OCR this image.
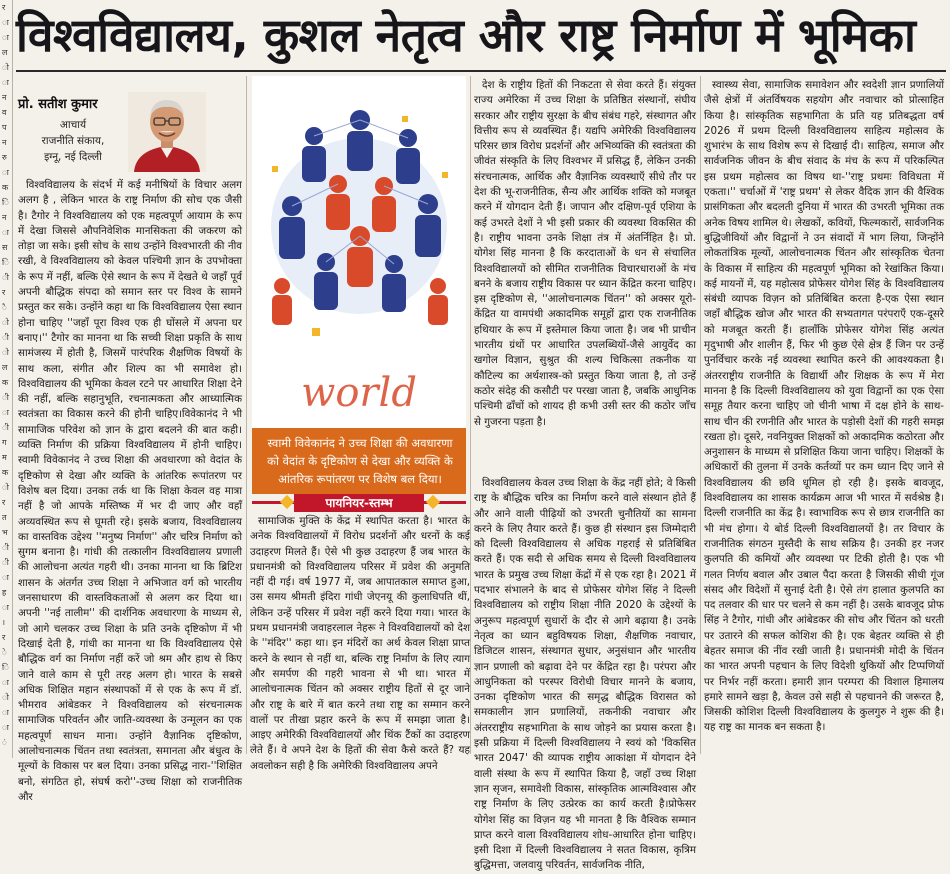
र
ा
ा
ल
ो
ा
न
व
प
न
रु
ा
क
ि
न
ा
स
ि
ी
र
ै
ो
ी
ो
ल
क
ी
ा
ी
ग
म
क
ो
र
त
भ
ी
ी
ा
ह
ा
।
र
े
ि
ा
ो
ा
ा
ं
विश्वविद्यालय, कुशल नेतृत्व और राष्ट्र निर्माण में भूमिका
प्रो. सतीश कुमार
आचार्य
राजनीति संकाय,
इग्नू, नई दिल्ली

विश्वविद्यालय के संदर्भ में कई मनीषियों के विचार अलग अलग है , लेकिन भारत के राष्ट्र निर्माण की सोच एक जैसी है। टैगोर ने विश्वविद्यालय को एक महत्वपूर्ण आयाम के रूप में देखा जिससे औपनिवेशिक मानसिकता की जकरण को तोड़ा जा सके। इसी सोच के साथ उन्होंने विश्वभारती की नीव रखी, वे विश्वविद्यालय को केवल पश्चिमी ज्ञान के उपभोक्ता के रूप में नहीं, बल्कि ऐसे स्थान के रूप में देखते थे जहाँ पूर्व अपनी बौद्धिक संपदा को समान स्तर पर विश्व के सामने प्रस्तुत कर सके। उन्होंने कहा था कि विश्वविद्यालय ऐसा स्थान होना चाहिए ''जहाँ पूरा विश्व एक ही घोंसले में अपना घर बनाए।'' टैगोर का मानना था कि सच्ची शिक्षा प्रकृति के साथ सामंजस्य में होती है, जिसमें पारंपरिक शैक्षणिक विषयों के साथ कला, संगीत और शिल्प का भी समावेश हो। विश्वविद्यालय की भूमिका केवल रटने पर आधारित शिक्षा देने की नहीं, बल्कि सहानुभूति, रचनात्मकता और आध्यात्मिक स्वतंत्रता का विकास करने की होनी चाहिए।विवेकानंद ने भी सामाजिक परिवेश को ज्ञान के द्वारा बदलने की बात कही। व्यक्ति निर्माण की प्रक्रिया विश्वविद्यालय में होनी चाहिए।स्वामी विवेकानंद ने उच्च शिक्षा की अवधारणा को वेदांत के दृष्टिकोण से देखा और व्यक्ति के आंतरिक रूपांतरण पर विशेष बल दिया। उनका तर्क था कि शिक्षा केवल वह मात्रा नहीं है जो आपके मस्तिष्क में भर दी जाए और वहाँ अव्यवस्थित रूप से घूमती रहे। इसके बजाय, विश्वविद्यालय का वास्तविक उद्देश्य ''मनुष्य निर्माण'' और चरित्र निर्माण को सुगम बनाना है। गांधी की तत्कालीन विश्वविद्यालय प्रणाली की आलोचना अत्यंत गहरी थी। उनका मानना था कि ब्रिटिश शासन के अंतर्गत उच्च शिक्षा ने अभिजात वर्ग को भारतीय जनसाधारण की वास्तविकताओं से अलग कर दिया था। अपनी ''नई तालीम'' की दार्शनिक अवधारणा के माध्यम से, जो आगे चलकर उच्च शिक्षा के प्रति उनके दृष्टिकोण में भी दिखाई देती है, गांधी का मानना था कि विश्वविद्यालय ऐसे बौद्धिक वर्ग का निर्माण नहीं करें जो श्रम और हाथ से किए जाने वाले काम से पूरी तरह अलग हो। भारत के सबसे अधिक शिक्षित महान संस्थापकों में से एक के रूप में डॉ. भीमराव आंबेडकर ने विश्वविद्यालय को संरचनात्मक सामाजिक परिवर्तन और जाति-व्यवस्था के उन्मूलन का एक महत्वपूर्ण साधन माना। उन्होंने वैज्ञानिक दृष्टिकोण, आलोचनात्मक चिंतन तथा स्वतंत्रता, समानता और बंधुत्व के मूल्यों के विकास पर बल दिया। उनका प्रसिद्ध नारा-''शिक्षित बनो, संगठित हो, संघर्ष करो''-उच्च शिक्षा को राजनीतिक और

world
स्वामी विवेकानंद ने उच्च शिक्षा की अवधारणा को वेदांत के दृष्टिकोण से देखा और व्यक्ति के आंतरिक रूपांतरण पर विशेष बल दिया।
पायनियर-स्तम्भ

सामाजिक मुक्ति के केंद्र में स्थापित करता है। भारत के अनेक विश्वविद्यालयों में विरोध प्रदर्शनों और धरनों के कई उदाहरण मिलते हैं। ऐसे भी कुछ उदाहरण हैं जब भारत के प्रधानमंत्री को विश्वविद्यालय परिसर में प्रवेश की अनुमति नहीं दी गई। वर्ष 1977 में, जब आपातकाल समाप्त हुआ, उस समय श्रीमती इंदिरा गांधी जेएनयू की कुलाधिपति थीं, लेकिन उन्हें परिसर में प्रवेश नहीं करने दिया गया। भारत के प्रथम प्रधानमंत्री जवाहरलाल नेहरू ने विश्वविद्यालयों को देश के ''मंदिर'' कहा था। इन मंदिरों का अर्थ केवल शिक्षा प्राप्त करने के स्थान से नहीं था, बल्कि राष्ट्र निर्माण के लिए त्याग और समर्पण की गहरी भावना से भी था। भारत में आलोचनात्मक चिंतन को अक्सर राष्ट्रीय हितों से दूर जाने और राष्ट्र के बारे में बात करने तथा राष्ट्र का सम्मान करने वालों पर तीखा प्रहार करने के रूप में समझा जाता है। आइए अमेरिकी विश्वविद्यालयों और थिंक टैंकों का उदाहरण लेते हैं। वे अपने देश के हितों की सेवा कैसे करते हैं? यह अवलोकन सही है कि अमेरिकी विश्वविद्यालय अपने

देश के राष्ट्रीय हितों की निकटता से सेवा करते हैं। संयुक्त राज्य अमेरिका में उच्च शिक्षा के प्रतिष्ठित संस्थानों, संघीय सरकार और राष्ट्रीय सुरक्षा के बीच संबंध गहरे, संस्थागत और वित्तीय रूप से व्यवस्थित हैं। यद्यपि अमेरिकी विश्वविद्यालय परिसर छात्र विरोध प्रदर्शनों और अभिव्यक्ति की स्वतंत्रता की जीवंत संस्कृति के लिए विश्वभर में प्रसिद्ध हैं, लेकिन उनकी संरचनात्मक, आर्थिक और वैज्ञानिक व्यवस्थाएँ सीधे तौर पर देश की भू-राजनीतिक, सैन्य और आर्थिक शक्ति को मजबूत करने में योगदान देती हैं। जापान और दक्षिण-पूर्व एशिया के कई उभरते देशों ने भी इसी प्रकार की व्यवस्था विकसित की है। राष्ट्रीय भावना उनके शिक्षा तंत्र में अंतर्निहित है। प्रो. योगेश सिंह मानना है कि करदाताओं के धन से संचालित विश्वविद्यालयों को सीमित राजनीतिक विचारधाराओं के मंच बनने के बजाय राष्ट्रीय विकास पर ध्यान केंद्रित करना चाहिए। इस दृष्टिकोण से, ''आलोचनात्मक चिंतन'' को अक्सर यूरो-केंद्रित या वामपंथी अकादमिक समूहों द्वारा एक राजनीतिक हथियार के रूप में इस्तेमाल किया जाता है। जब भी प्राचीन भारतीय ग्रंथों पर आधारित उपलब्धियों-जैसे आयुर्वेद का खगोल विज्ञान, सुश्रुत की शल्य चिकित्सा तकनीक या कौटिल्य का अर्थशास्त्र-को प्रस्तुत किया जाता है, तो उन्हें कठोर संदेह की कसौटी पर परखा जाता है, जबकि आधुनिक पश्चिमी ढाँचों को शायद ही कभी उसी स्तर की कठोर जाँच से गुजरना पड़ता है।

विश्वविद्यालय केवल उच्च शिक्षा के केंद्र नहीं होते; वे किसी राष्ट्र के बौद्धिक चरित्र का निर्माण करने वाले संस्थान होते हैं और आने वाली पीढ़ियों को उभरती चुनौतियों का सामना करने के लिए तैयार करते हैं। कुछ ही संस्थान इस जिम्मेदारी को दिल्ली विश्वविद्यालय से अधिक गहराई से प्रतिबिंबित करते हैं। एक सदी से अधिक समय से दिल्ली विश्वविद्यालय भारत के प्रमुख उच्च शिक्षा केंद्रों में से एक रहा है। 2021 में पदभार संभालने के बाद से प्रोफेसर योगेश सिंह ने दिल्ली विश्वविद्यालय को राष्ट्रीय शिक्षा नीति 2020 के उद्देश्यों के अनुरूप महत्वपूर्ण सुधारों के दौर से आगे बढ़ाया है। उनके नेतृत्व का ध्यान बहुविषयक शिक्षा, शैक्षणिक नवाचार, डिजिटल शासन, संस्थागत सुधार, अनुसंधान और भारतीय ज्ञान प्रणाली को बढ़ावा देने पर केंद्रित रहा है। परंपरा और आधुनिकता को परस्पर विरोधी विचार मानने के बजाय, उनका दृष्टिकोण भारत की समृद्ध बौद्धिक विरासत को समकालीन ज्ञान प्रणालियों, तकनीकी नवाचार और अंतरराष्ट्रीय सहभागिता के साथ जोड़ने का प्रयास करता है। इसी प्रक्रिया में दिल्ली विश्वविद्यालय ने स्वयं को 'विकसित भारत 2047' की व्यापक राष्ट्रीय आकांक्षा में योगदान देने वाली संस्था के रूप में स्थापित किया है, जहाँ उच्च शिक्षा ज्ञान सृजन, समावेशी विकास, सांस्कृतिक आत्मविश्वास और राष्ट्र निर्माण के लिए उत्प्रेरक का कार्य करती है।प्रोफेसर योगेश सिंह का विज़न यह भी मानता है कि वैश्विक सम्मान प्राप्त करने वाला विश्वविद्यालय शोध-आधारित होना चाहिए। इसी दिशा में दिल्ली विश्वविद्यालय ने सतत विकास, कृत्रिम बुद्धिमत्ता, जलवायु परिवर्तन, सार्वजनिक नीति,

स्वास्थ्य सेवा, सामाजिक समावेशन और स्वदेशी ज्ञान प्रणालियों जैसे क्षेत्रों में अंतर्विषयक सहयोग और नवाचार को प्रोत्साहित किया है। सांस्कृतिक सहभागिता के प्रति यह प्रतिबद्धता वर्ष 2026 में प्रथम दिल्ली विश्वविद्यालय साहित्य महोत्सव के शुभारंभ के साथ विशेष रूप से दिखाई दी। साहित्य, समाज और सार्वजनिक जीवन के बीच संवाद के मंच के रूप में परिकल्पित इस प्रथम महोत्सव का विषय था-''राष्ट्र प्रथमः विविधता में एकता।'' चर्चाओं में 'राष्ट्र प्रथम' से लेकर वैदिक ज्ञान की वैश्विक प्रासंगिकता और बदलती दुनिया में भारत की उभरती भूमिका तक अनेक विषय शामिल थे। लेखकों, कवियों, फिल्मकारों, सार्वजनिक बुद्धिजीवियों और विद्वानों ने उन संवादों में भाग लिया, जिन्होंने लोकतांत्रिक मूल्यों, आलोचनात्मक चिंतन और सांस्कृतिक चेतना के विकास में साहित्य की महत्वपूर्ण भूमिका को रेखांकित किया। कई मायनों में, यह महोत्सव प्रोफेसर योगेश सिंह के विश्वविद्यालय संबंधी व्यापक विज़न को प्रतिबिंबित करता है-एक ऐसा स्थान जहाँ बौद्धिक खोज और भारत की सभ्यतागत परंपराएँ एक-दूसरे को मजबूत करती हैं। हालाँकि प्रोफेसर योगेश सिंह अत्यंत मृदुभाषी और शालीन हैं, फिर भी कुछ ऐसे क्षेत्र हैं जिन पर उन्हें पुनर्विचार करके नई व्यवस्था स्थापित करने की आवश्यकता है। अंतरराष्ट्रीय राजनीति के विद्यार्थी और शिक्षक के रूप में मेरा मानना है कि दिल्ली विश्वविद्यालय को युवा विद्वानों का एक ऐसा समूह तैयार करना चाहिए जो चीनी भाषा में दक्ष होने के साथ-साथ चीन की रणनीति और भारत के पड़ोसी देशों की गहरी समझ रखता हो। दूसरे, नवनियुक्त शिक्षकों को अकादमिक कठोरता और अनुशासन के माध्यम से प्रशिक्षित किया जाना चाहिए। शिक्षकों के अधिकारों की तुलना में उनके कर्तव्यों पर कम ध्यान दिए जाने से विश्वविद्यालय की छवि धूमिल हो रही है। इसके बावजूद, विश्वविद्यालय का शासक कार्यक्रम आज भी भारत में सर्वश्रेष्ठ है। दिल्ली राजनीति का केंद्र है। स्वाभाविक रूप से छात्र राजनीति का भी मंच होगा। ये बोर्ड दिल्ली विश्वविद्यालयों है। तर विचार के राजनीतिक संगठन मुस्तैदी के साथ सक्रिय है। उनकी हर नजर कुलपति की कमियों और व्यवस्था पर टिकी होती है। एक भी गलत निर्णय बवाल और उबाल पैदा करता है जिसकी सीधी गूंज संसद और विदेशों में सुनाई देती है। ऐसे तंग हालात कुलपति का पद तलवार की धार पर चलने से कम नहीं है। उसके बावजूद प्रोफ सिंह ने टैगोर, गांधी और आंबेडकर की सोच और चिंतन को धरती पर उतारने की सफल कोशिश की है। एक बेहतर व्यक्ति से ही बेहतर समाज की नींव रखी जाती है। प्रधानमंत्री मोदी के चिंतन का भारत अपनी पहचान के लिए विदेशी थुकियों और टिप्पणियों पर निर्भर नहीं करता। हमारी ज्ञान परम्परा की विशाल हिमालय हमारे सामने खड़ा है, केवल उसे सही से पहचानने की जरूरत है, जिसकी कोशिश दिल्ली विश्वविद्यालय के कुलगुरु ने शुरू की है। यह राष्ट्र का मानक बन सकता है।
